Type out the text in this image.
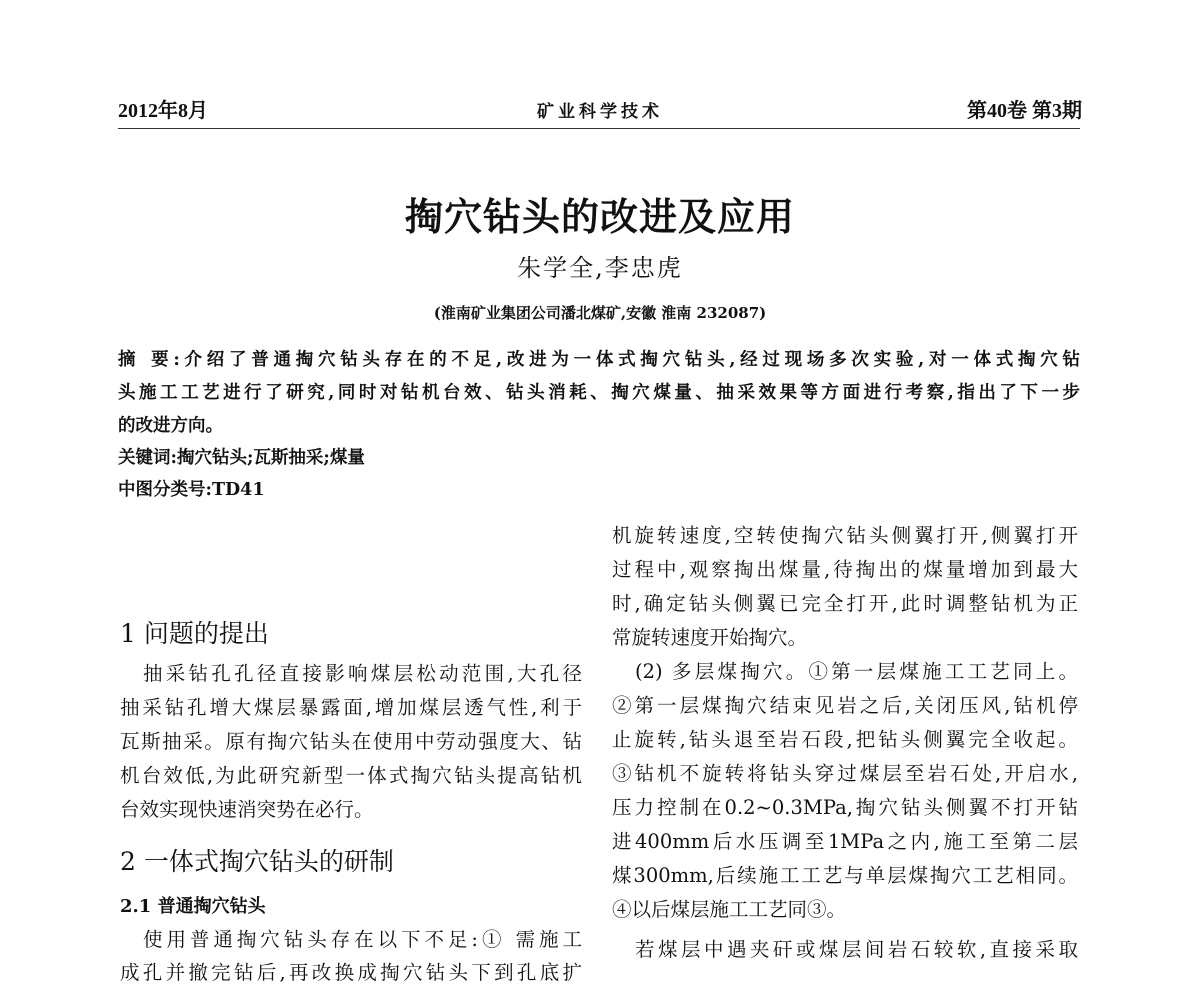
2012年8月	矿业科学技术	第40卷 第3期
掏穴钻头的改进及应用
朱学全,李忠虎
(淮南矿业集团公司潘北煤矿,安徽 淮南 232087)
摘 要:介绍了普通掏穴钻头存在的不足,改进为一体式掏穴钻头,经过现场多次实验,对一体式掏穴钻
头施工工艺进行了研究,同时对钻机台效、钻头消耗、掏穴煤量、抽采效果等方面进行考察,指出了下一步
的改进方向。
关键词:掏穴钻头;瓦斯抽采;煤量
中图分类号:TD41
1 问题的提出
抽采钻孔孔径直接影响煤层松动范围,大孔径
抽采钻孔增大煤层暴露面,增加煤层透气性,利于
瓦斯抽采。原有掏穴钻头在使用中劳动强度大、钻
机台效低,为此研究新型一体式掏穴钻头提高钻机
台效实现快速消突势在必行。
2 一体式掏穴钻头的研制
2.1 普通掏穴钻头
使用普通掏穴钻头存在以下不足:① 需施工
成孔并撤完钻后,再改换成掏穴钻头下到孔底扩
机旋转速度,空转使掏穴钻头侧翼打开,侧翼打开
过程中,观察掏出煤量,待掏出的煤量增加到最大
时,确定钻头侧翼已完全打开,此时调整钻机为正
常旋转速度开始掏穴。
(2) 多层煤掏穴。①第一层煤施工工艺同上。
②第一层煤掏穴结束见岩之后,关闭压风,钻机停
止旋转,钻头退至岩石段,把钻头侧翼完全收起。
③钻机不旋转将钻头穿过煤层至岩石处,开启水,
压力控制在0.2~0.3MPa,掏穴钻头侧翼不打开钻
进400mm后水压调至1MPa之内,施工至第二层
煤300mm,后续施工工艺与单层煤掏穴工艺相同。
④以后煤层施工工艺同③。
若煤层中遇夹矸或煤层间岩石较软,直接采取
